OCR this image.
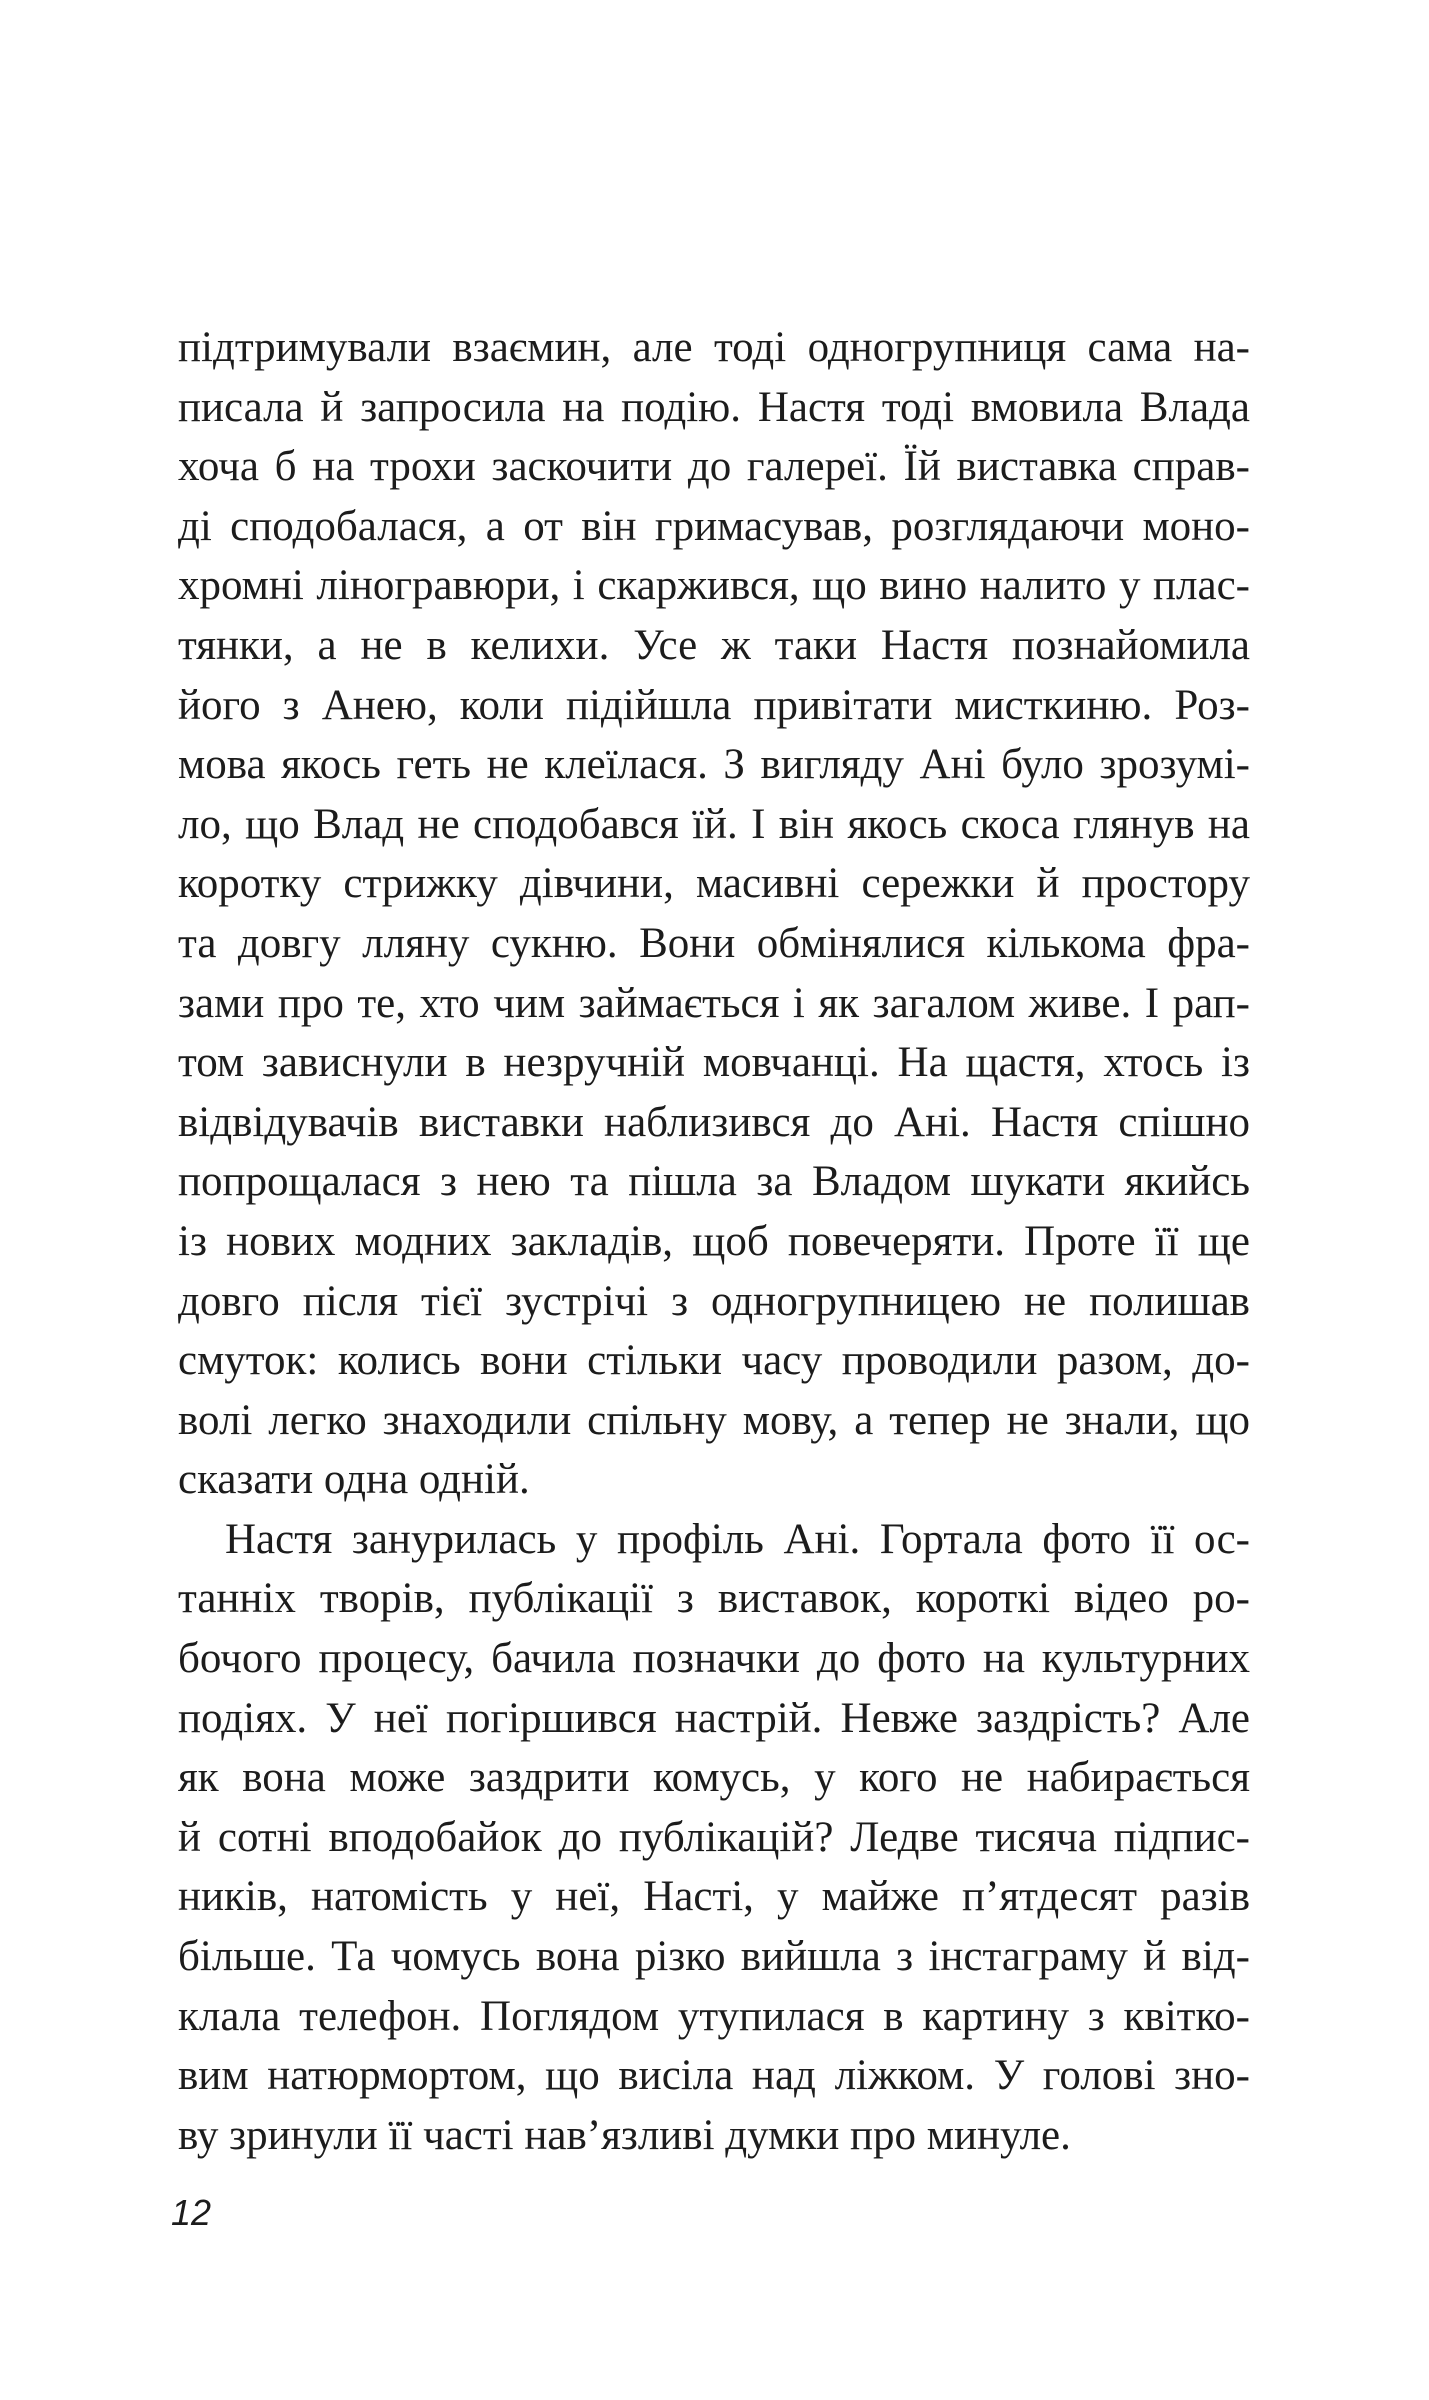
підтримували взаємин, але тоді одногрупниця сама на-
писала й запросила на подію. Настя тоді вмовила Влада
хоча б на трохи заскочити до галереї. Їй виставка справ-
ді сподобалася, а от він гримасував, розглядаючи моно-
хромні ліногравюри, і скаржився, що вино налито у плас-
тянки, а не в келихи. Усе ж таки Настя познайомила
його з Анею, коли підійшла привітати мисткиню. Роз-
мова якось геть не клеїлася. З вигляду Ані було зрозумі-
ло, що Влад не сподобався їй. І він якось скоса глянув на
коротку стрижку дівчини, масивні сережки й простору
та довгу лляну сукню. Вони обмінялися кількома фра-
зами про те, хто чим займається і як загалом живе. І рап-
том зависнули в незручній мовчанці. На щастя, хтось із
відвідувачів виставки наблизився до Ані. Настя спішно
попрощалася з нею та пішла за Владом шукати якийсь
із нових модних закладів, щоб повечеряти. Проте її ще
довго після тієї зустрічі з одногрупницею не полишав
смуток: колись вони стільки часу проводили разом, до-
волі легко знаходили спільну мову, а тепер не знали, що
сказати одна одній.
Настя занурилась у профіль Ані. Гортала фото її ос-
танніх творів, публікації з виставок, короткі відео ро-
бочого процесу, бачила позначки до фото на культурних
подіях. У неї погіршився настрій. Невже заздрість? Але
як вона може заздрити комусь, у кого не набирається
й сотні вподобайок до публікацій? Ледве тисяча підпис-
ників, натомість у неї, Насті, у майже п’ятдесят разів
більше. Та чомусь вона різко вийшла з інстаграму й від-
клала телефон. Поглядом утупилася в картину з квітко-
вим натюрмортом, що висіла над ліжком. У голові зно-
ву зринули її часті нав’язливі думки про минуле.
12
